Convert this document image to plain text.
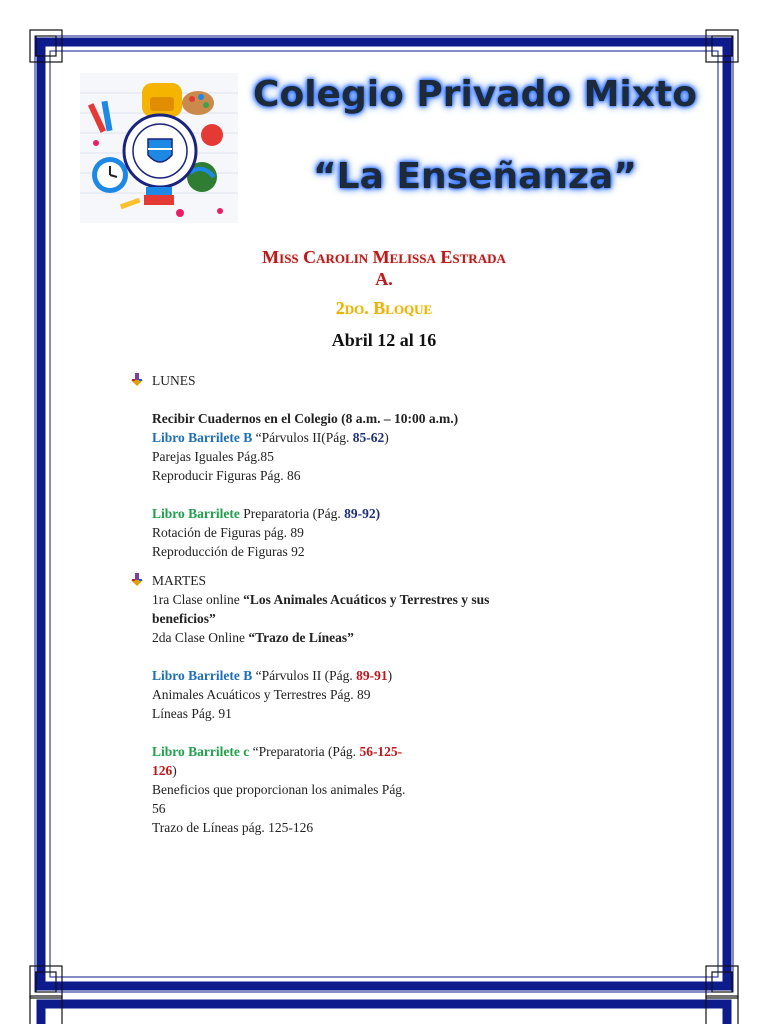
Colegio Privado Mixto
“La Enseñanza”
Miss Carolin Melissa Estrada
A.
2do. Bloque
Abril 12 al 16
LUNES

Recibir Cuadernos en el Colegio (8 a.m. – 10:00 a.m.)

Libro Barrilete B “Párvulos II(Pág. 85-62)

Parejas Iguales Pág.85

Reproducir Figuras Pág. 86

Libro Barrilete Preparatoria (Pág. 89-92)

Rotación de Figuras pág. 89

Reproducción de Figuras 92

MARTES

1ra Clase online “Los Animales Acuáticos y Terrestres y sus

beneficios”

2da Clase Online “Trazo de Líneas”

Libro Barrilete B “Párvulos II (Pág. 89-91)

Animales Acuáticos y Terrestres Pág. 89

Líneas Pág. 91

Libro Barrilete c “Preparatoria (Pág. 56-125-

126)

Beneficios que proporcionan los animales Pág.

56

Trazo de Líneas pág. 125-126
